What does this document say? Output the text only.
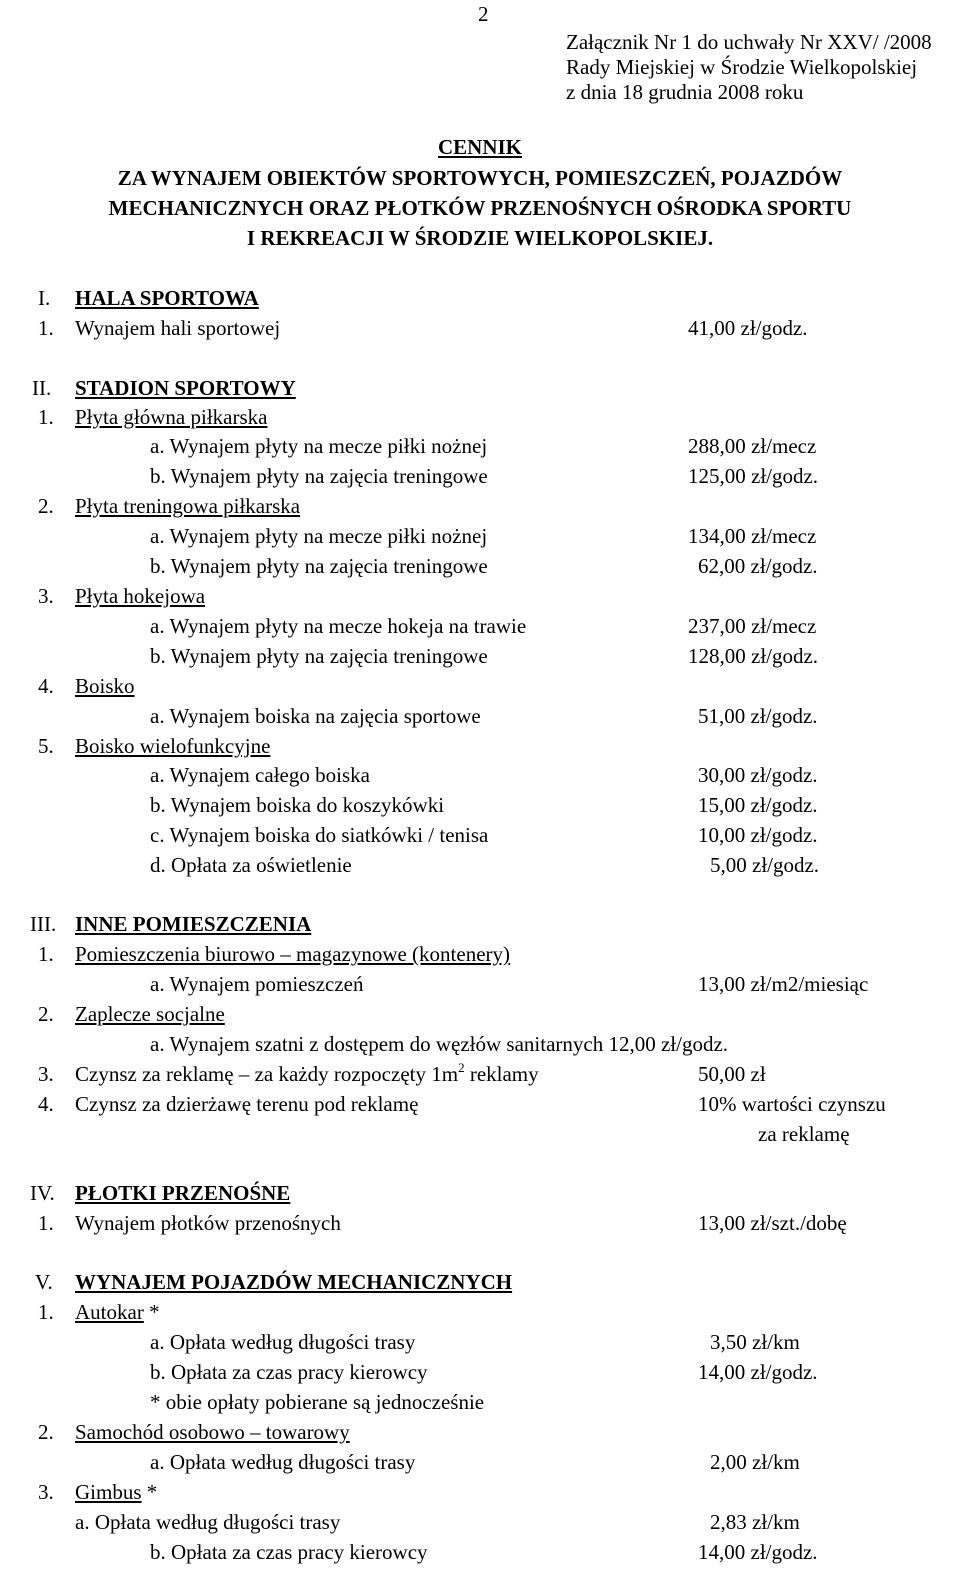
2
Załącznik Nr 1 do uchwały Nr XXV/ /2008
Rady Miejskiej w Środzie Wielkopolskiej
z dnia 18 grudnia 2008 roku
CENNIK
ZA WYNAJEM OBIEKTÓW SPORTOWYCH, POMIESZCZEŃ, POJAZDÓW
MECHANICZNYCH ORAZ PŁOTKÓW PRZENOŚNYCH OŚRODKA SPORTU
I REKREACJI W ŚRODZIE WIELKOPOLSKIEJ.
I. HALA SPORTOWA
1. Wynajem hali sportowej	41,00 zł/godz.
II. STADION SPORTOWY
1. Płyta główna piłkarska
a. Wynajem płyty na mecze piłki nożnej	288,00 zł/mecz
b. Wynajem płyty na zajęcia treningowe	125,00 zł/godz.
2. Płyta treningowa piłkarska
a. Wynajem płyty na mecze piłki nożnej	134,00 zł/mecz
b. Wynajem płyty na zajęcia treningowe	62,00 zł/godz.
3. Płyta hokejowa
a. Wynajem płyty na mecze hokeja na trawie	237,00 zł/mecz
b. Wynajem płyty na zajęcia treningowe	128,00 zł/godz.
4. Boisko
a. Wynajem boiska na zajęcia sportowe	51,00 zł/godz.
5. Boisko wielofunkcyjne
a. Wynajem całego boiska	30,00 zł/godz.
b. Wynajem boiska do koszykówki	15,00 zł/godz.
c. Wynajem boiska do siatkówki / tenisa	10,00 zł/godz.
d. Opłata za oświetlenie	5,00 zł/godz.
III. INNE POMIESZCZENIA
1. Pomieszczenia biurowo – magazynowe (kontenery)
a. Wynajem pomieszczeń	13,00 zł/m2/miesiąc
2. Zaplecze socjalne
a. Wynajem szatni z dostępem do węzłów sanitarnych 12,00 zł/godz.
3. Czynsz za reklamę – za każdy rozpoczęty $1m^2$ reklamy	50,00 zł
4. Czynsz za dzierżawę terenu pod reklamę	10% wartości czynszu
za reklamę
IV. PŁOTKI PRZENOŚNE
1. Wynajem płotków przenośnych	13,00 zł/szt./dobę
V. WYNAJEM POJAZDÓW MECHANICZNYCH
1. Autokar *
a. Opłata według długości trasy	3,50 zł/km
b. Opłata za czas pracy kierowcy	14,00 zł/godz.
* obie opłaty pobierane są jednocześnie
2. Samochód osobowo – towarowy
a. Opłata według długości trasy	2,00 zł/km
3. Gimbus *
a. Opłata według długości trasy	2,83 zł/km
b. Opłata za czas pracy kierowcy	14,00 zł/godz.
